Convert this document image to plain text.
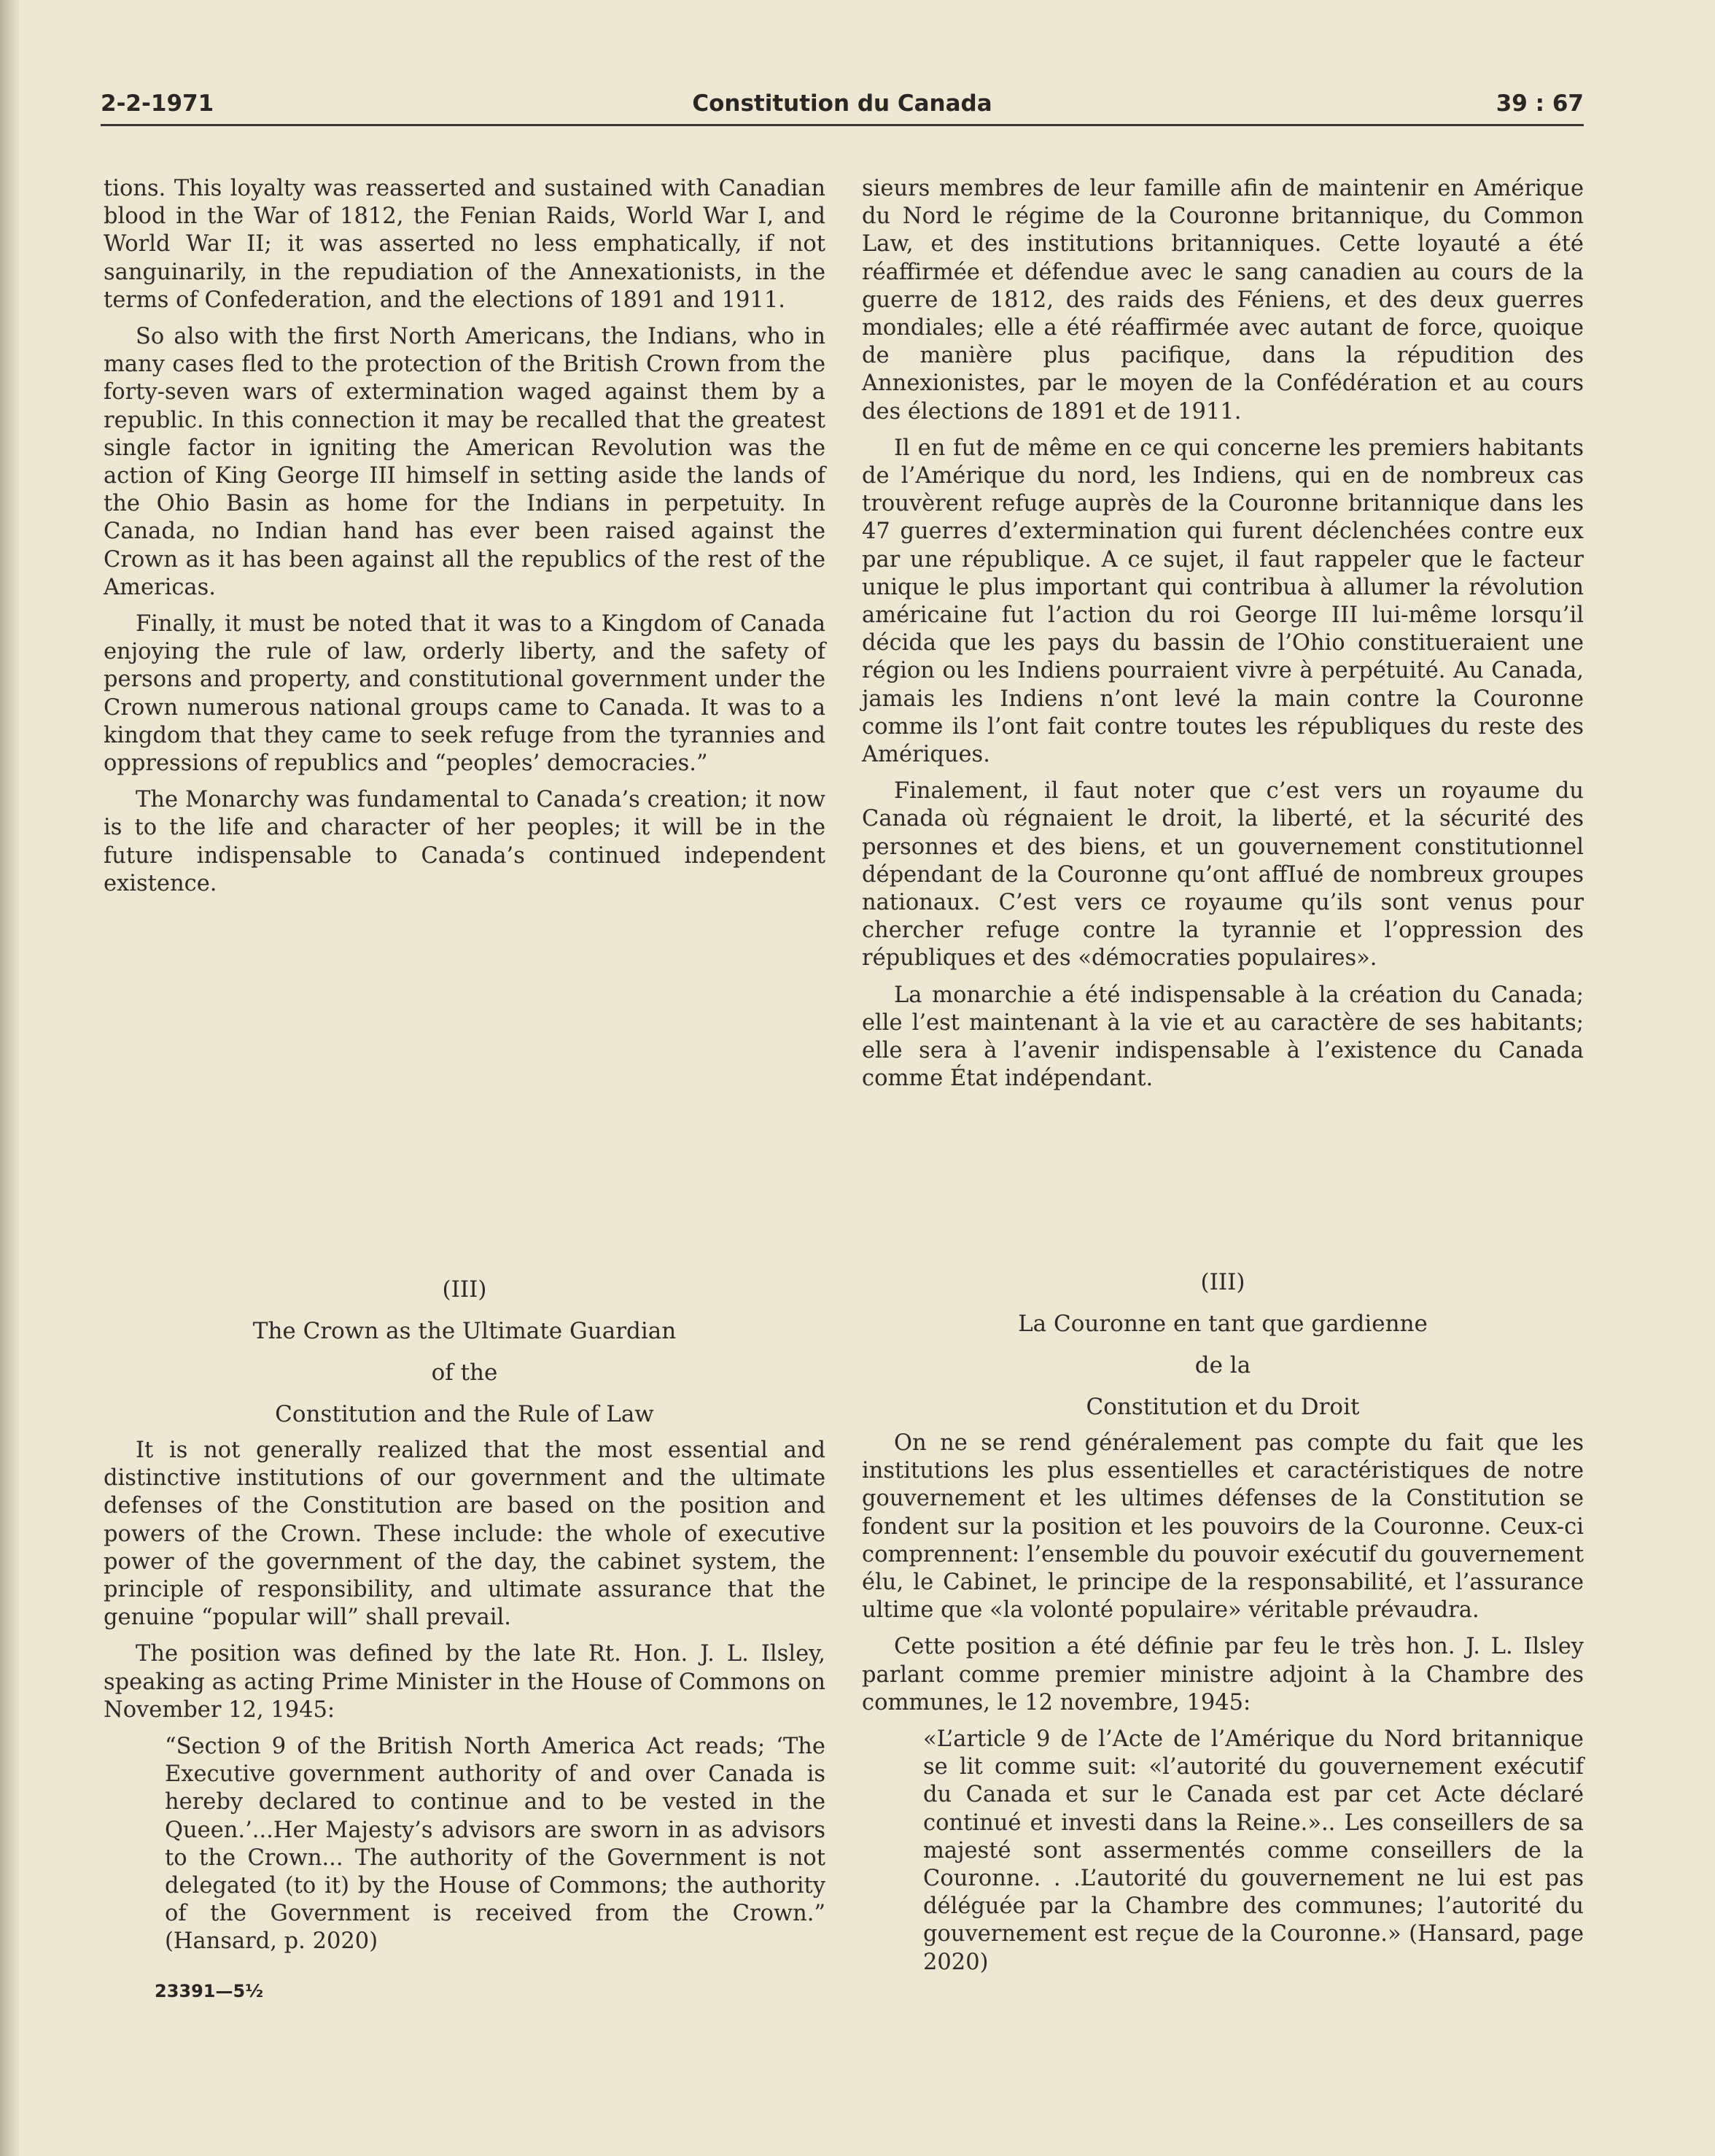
2-2-1971	Constitution du Canada	39 : 67

tions. This loyalty was reasserted and sustained with Canadian blood in the War of 1812, the Fenian Raids, World War I, and World War II; it was asserted no less emphatically, if not sanguinarily, in the repudiation of the Annexationists, in the terms of Confederation, and the elections of 1891 and 1911.

So also with the first North Americans, the Indians, who in many cases fled to the protection of the British Crown from the forty-seven wars of extermination waged against them by a republic. In this connection it may be recalled that the greatest single factor in igniting the American Revolution was the action of King George III himself in setting aside the lands of the Ohio Basin as home for the Indians in perpetuity. In Canada, no Indian hand has ever been raised against the Crown as it has been against all the republics of the rest of the Americas.

Finally, it must be noted that it was to a Kingdom of Canada enjoying the rule of law, orderly liberty, and the safety of persons and property, and constitutional government under the Crown numerous national groups came to Canada. It was to a kingdom that they came to seek refuge from the tyrannies and oppressions of republics and “peoples’ democracies.”

The Monarchy was fundamental to Canada’s creation; it now is to the life and character of her peoples; it will be in the future indispensable to Canada’s continued independent existence.

sieurs membres de leur famille afin de maintenir en Amérique du Nord le régime de la Couronne britannique, du Common Law, et des institutions britanniques. Cette loyauté a été réaffirmée et défendue avec le sang canadien au cours de la guerre de 1812, des raids des Féniens, et des deux guerres mondiales; elle a été réaffirmée avec autant de force, quoique de manière plus pacifique, dans la répudition des Annexionistes, par le moyen de la Confédération et au cours des élections de 1891 et de 1911.

Il en fut de même en ce qui concerne les premiers habitants de l’Amérique du nord, les Indiens, qui en de nombreux cas trouvèrent refuge auprès de la Couronne britannique dans les 47 guerres d’extermination qui furent déclenchées contre eux par une république. A ce sujet, il faut rappeler que le facteur unique le plus important qui contribua à allumer la révolution américaine fut l’action du roi George III lui-même lorsqu’il décida que les pays du bassin de l’Ohio constitueraient une région ou les Indiens pourraient vivre à perpétuité. Au Canada, jamais les Indiens n’ont levé la main contre la Couronne comme ils l’ont fait contre toutes les républiques du reste des Amériques.

Finalement, il faut noter que c’est vers un royaume du Canada où régnaient le droit, la liberté, et la sécurité des personnes et des biens, et un gouvernement constitutionnel dépendant de la Couronne qu’ont affIué de nombreux groupes nationaux. C’est vers ce royaume qu’ils sont venus pour chercher refuge contre la tyrannie et l’oppression des républiques et des «démocraties populaires».

La monarchie a été indispensable à la création du Canada; elle l’est maintenant à la vie et au caractère de ses habitants; elle sera à l’avenir indispensable à l’existence du Canada comme État indépendant.

(III)
The Crown as the Ultimate Guardian
of the
Constitution and the Rule of Law
(III)
La Couronne en tant que gardienne
de la
Constitution et du Droit

It is not generally realized that the most essential and distinctive institutions of our government and the ultimate defenses of the Constitution are based on the position and powers of the Crown. These include: the whole of executive power of the government of the day, the cabinet system, the principle of responsibility, and ultimate assurance that the genuine “popular will” shall prevail.

The position was defined by the late Rt. Hon. J. L. Ilsley, speaking as acting Prime Minister in the House of Commons on November 12, 1945:

“Section 9 of the British North America Act reads; ‘The Executive government authority of and over Canada is hereby declared to continue and to be vested in the Queen.’...Her Majesty’s advisors are sworn in as advisors to the Crown... The authority of the Government is not delegated (to it) by the House of Commons; the authority of the Government is received from the Crown.” (Hansard, p. 2020)

On ne se rend généralement pas compte du fait que les institutions les plus essentielles et caractéristiques de notre gouvernement et les ultimes défenses de la Constitution se fondent sur la position et les pouvoirs de la Couronne. Ceux-ci comprennent: l’ensemble du pouvoir exécutif du gouvernement élu, le Cabinet, le principe de la responsabilité, et l’assurance ultime que «la volonté populaire» véritable prévaudra.

Cette position a été définie par feu le très hon. J. L. Ilsley parlant comme premier ministre adjoint à la Chambre des communes, le 12 novembre, 1945:

«L’article 9 de l’Acte de l’Amérique du Nord britannique se lit comme suit: «l’autorité du gouvernement exécutif du Canada et sur le Canada est par cet Acte déclaré continué et investi dans la Reine.».. Les conseillers de sa majesté sont assermentés comme conseillers de la Couronne. . .L’autorité du gouvernement ne lui est pas déléguée par la Chambre des communes; l’autorité du gouvernement est reçue de la Couronne.» (Hansard, page 2020)

23391—5½
